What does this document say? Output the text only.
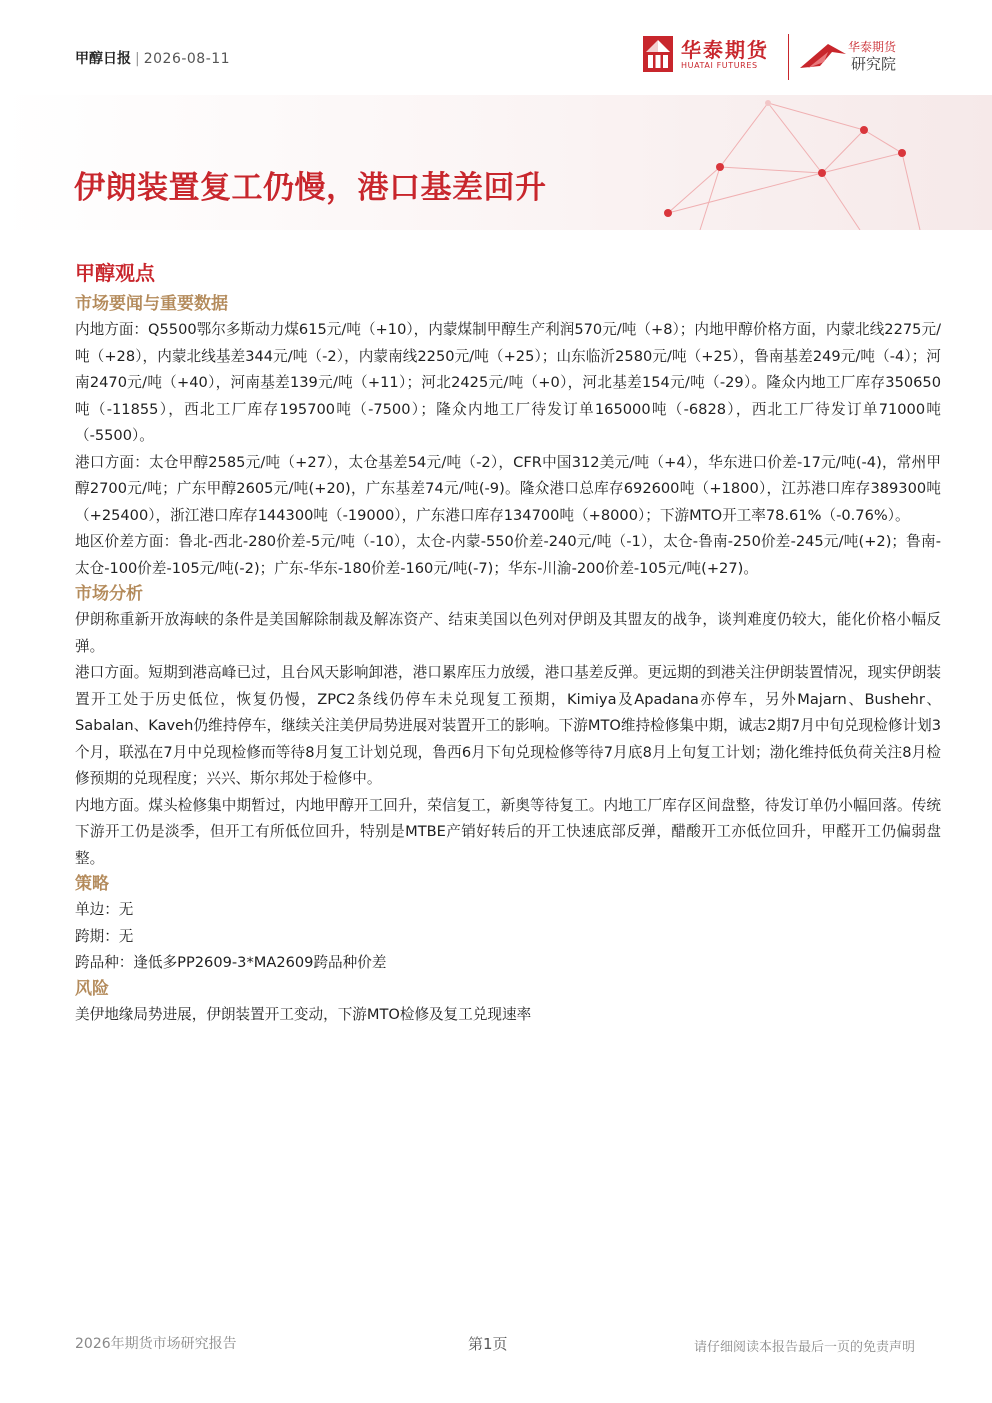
甲醇日报 | 2026-08-11	华泰期货
HUATAI FUTURES
华泰期货
研究院
伊朗装置复工仍慢，港口基差回升
甲醇观点
市场要闻与重要数据

内地方面：Q5500鄂尔多斯动力煤615元/吨（+10），内蒙煤制甲醇生产利润570元/吨（+8）；内地甲醇价格方面，内蒙北线2275元/吨（+28），内蒙北线基差344元/吨（-2），内蒙南线2250元/吨（+25）；山东临沂2580元/吨（+25），鲁南基差249元/吨（-4）；河南2470元/吨（+40），河南基差139元/吨（+11）；河北2425元/吨（+0），河北基差154元/吨（-29）。隆众内地工厂库存350650吨（-11855），西北工厂库存195700吨（-7500）；隆众内地工厂待发订单165000吨（-6828），西北工厂待发订单71000吨（-5500）。

港口方面：太仓甲醇2585元/吨（+27），太仓基差54元/吨（-2），CFR中国312美元/吨（+4），华东进口价差-17元/吨(-4)，常州甲醇2700元/吨；广东甲醇2605元/吨(+20)，广东基差74元/吨(-9)。隆众港口总库存692600吨（+1800），江苏港口库存389300吨（+25400），浙江港口库存144300吨（-19000），广东港口库存134700吨（+8000）；下游MTO开工率78.61%（-0.76%）。

地区价差方面：鲁北-西北-280价差-5元/吨（-10），太仓-内蒙-550价差-240元/吨（-1），太仓-鲁南-250价差-245元/吨(+2)；鲁南-太仓-100价差-105元/吨(-2)；广东-华东-180价差-160元/吨(-7)；华东-川渝-200价差-105元/吨(+27)。

市场分析

伊朗称重新开放海峡的条件是美国解除制裁及解冻资产、结束美国以色列对伊朗及其盟友的战争，谈判难度仍较大，能化价格小幅反弹。

港口方面。短期到港高峰已过，且台风天影响卸港，港口累库压力放缓，港口基差反弹。更远期的到港关注伊朗装置情况，现实伊朗装置开工处于历史低位，恢复仍慢，ZPC2条线仍停车未兑现复工预期，Kimiya及Apadana亦停车，另外Majarn、Bushehr、Sabalan、Kaveh仍维持停车，继续关注美伊局势进展对装置开工的影响。下游MTO维持检修集中期，诚志2期7月中旬兑现检修计划3个月，联泓在7月中兑现检修而等待8月复工计划兑现，鲁西6月下旬兑现检修等待7月底8月上旬复工计划；渤化维持低负荷关注8月检修预期的兑现程度；兴兴、斯尔邦处于检修中。

内地方面。煤头检修集中期暂过，内地甲醇开工回升，荣信复工，新奥等待复工。内地工厂库存区间盘整，待发订单仍小幅回落。传统下游开工仍是淡季，但开工有所低位回升，特别是MTBE产销好转后的开工快速底部反弹，醋酸开工亦低位回升，甲醛开工仍偏弱盘整。

策略

单边：无

跨期：无

跨品种：逢低多PP2609-3*MA2609跨品种价差

风险

美伊地缘局势进展，伊朗装置开工变动，下游MTO检修及复工兑现速率

2026年期货市场研究报告	第1页	请仔细阅读本报告最后一页的免责声明
